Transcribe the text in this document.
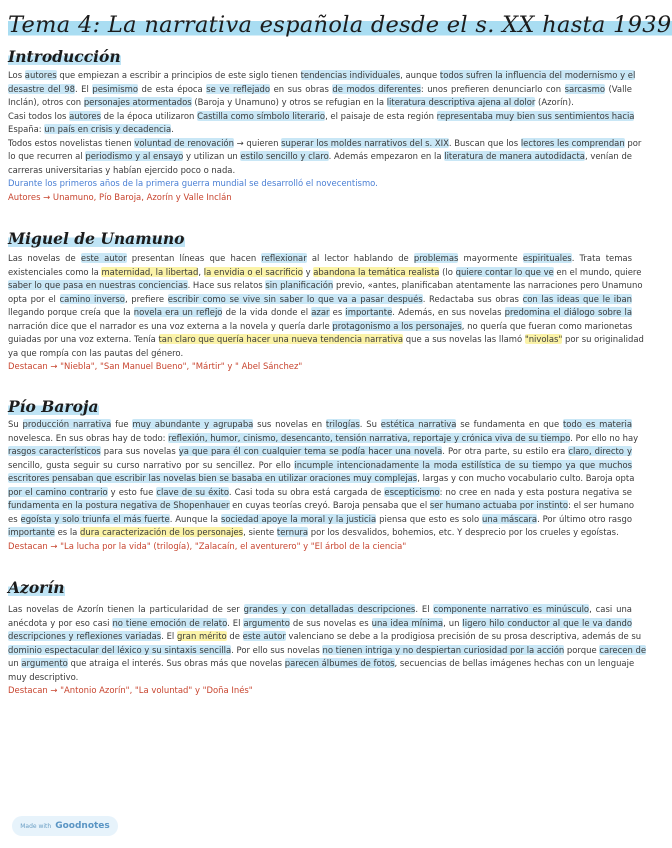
Tema 4: La narrativa española desde el s. XX hasta 1939
Introducción
Los autores que empiezan a escribir a principios de este siglo tienen tendencias individuales, aunque todos sufren la influencia del modernismo y el
desastre del 98. El pesimismo de esta época se ve reflejado en sus obras de modos diferentes: unos prefieren denunciarlo con sarcasmo (Valle
Inclán), otros con personajes atormentados (Baroja y Unamuno) y otros se refugian en la literatura descriptiva ajena al dolor (Azorín).
Casi todos los autores de la época utilizaron Castilla como símbolo literario, el paisaje de esta región representaba muy bien sus sentimientos hacia
España: un país en crisis y decadencia.
Todos estos novelistas tienen voluntad de renovación → quieren superar los moldes narrativos del s. XIX. Buscan que los lectores les comprendan por
lo que recurren al periodismo y al ensayo y utilizan un estilo sencillo y claro. Además empezaron en la literatura de manera autodidacta, venían de
carreras universitarias y habían ejercido poco o nada.
Durante los primeros años de la primera guerra mundial se desarrolló el novecentismo.
Autores → Unamuno, Pío Baroja, Azorín y Valle Inclán
Miguel de Unamuno
Las novelas de este autor presentan líneas que hacen reflexionar al lector hablando de problemas mayormente espirituales. Trata temas
existenciales como la maternidad, la libertad, la envidia o el sacrificio y abandona la temática realista (lo quiere contar lo que ve en el mundo, quiere
saber lo que pasa en nuestras conciencias. Hace sus relatos sin planificación previo, «antes, planificaban atentamente las narraciones pero Unamuno
opta por el camino inverso, prefiere escribir como se vive sin saber lo que va a pasar después. Redactaba sus obras con las ideas que le iban
llegando porque creía que la novela era un reflejo de la vida donde el azar es importante. Además, en sus novelas predomina el diálogo sobre la
narración dice que el narrador es una voz externa a la novela y quería darle protagonismo a los personajes, no quería que fueran como marionetas
guiadas por una voz externa. Tenía tan claro que quería hacer una nueva tendencia narrativa que a sus novelas las llamó "nivolas" por su originalidad
ya que rompía con las pautas del género.
Destacan → "Niebla", "San Manuel Bueno", "Mártir" y " Abel Sánchez"
Pío Baroja
Su producción narrativa fue muy abundante y agrupaba sus novelas en trilogías. Su estética narrativa se fundamenta en que todo es materia
novelesca. En sus obras hay de todo: reflexión, humor, cinismo, desencanto, tensión narrativa, reportaje y crónica viva de su tiempo. Por ello no hay
rasgos característicos para sus novelas ya que para él con cualquier tema se podía hacer una novela. Por otra parte, su estilo era claro, directo y
sencillo, gusta seguir su curso narrativo por su sencillez. Por ello incumple intencionadamente la moda estilística de su tiempo ya que muchos
escritores pensaban que escribir las novelas bien se basaba en utilizar oraciones muy complejas, largas y con mucho vocabulario culto. Baroja opta
por el camino contrario y esto fue clave de su éxito. Casi toda su obra está cargada de escepticismo: no cree en nada y esta postura negativa se
fundamenta en la postura negativa de Shopenhauer en cuyas teorías creyó. Baroja pensaba que el ser humano actuaba por instinto: el ser humano
es egoísta y solo triunfa el más fuerte. Aunque la sociedad apoye la moral y la justicia piensa que esto es solo una máscara. Por último otro rasgo
importante es la dura caracterización de los personajes, siente ternura por los desvalidos, bohemios, etc. Y desprecio por los crueles y egoístas.
Destacan → "La lucha por la vida" (trilogía), "Zalacaín, el aventurero" y "El árbol de la ciencia"
Azorín
Las novelas de Azorín tienen la particularidad de ser grandes y con detalladas descripciones. El componente narrativo es minúsculo, casi una
anécdota y por eso casi no tiene emoción de relato. El argumento de sus novelas es una idea mínima, un ligero hilo conductor al que le va dando
descripciones y reflexiones variadas. El gran mérito de este autor valenciano se debe a la prodigiosa precisión de su prosa descriptiva, además de su
dominio espectacular del léxico y su sintaxis sencilla. Por ello sus novelas no tienen intriga y no despiertan curiosidad por la acción porque carecen de
un argumento que atraiga el interés. Sus obras más que novelas parecen álbumes de fotos, secuencias de bellas imágenes hechas con un lenguaje
muy descriptivo.
Destacan → "Antonio Azorín", "La voluntad" y "Doña Inés"
Made with Goodnotes
